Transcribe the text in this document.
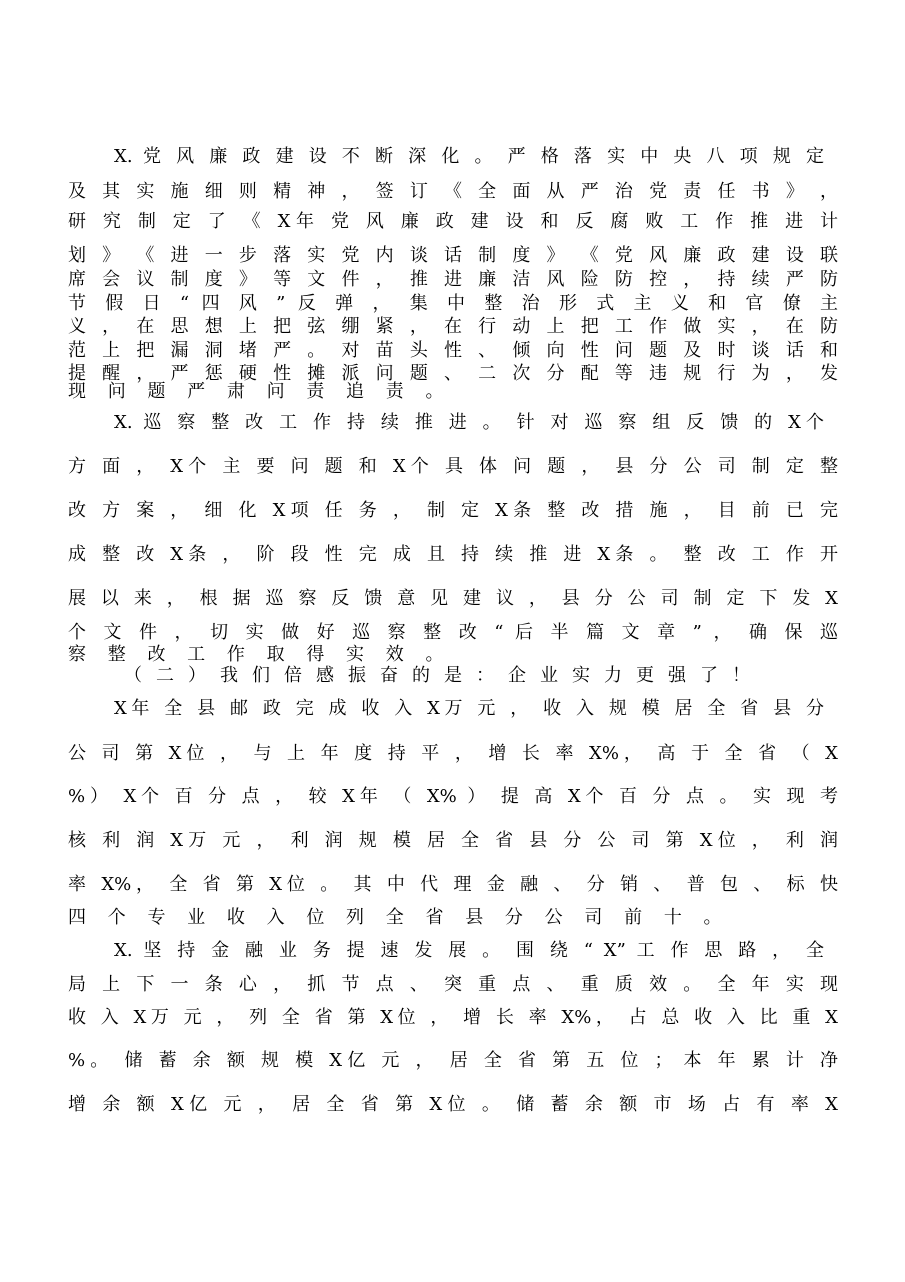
X. 党 风 廉 政 建 设 不 断 深 化 。 严 格 落 实 中 央 八 项 规 定
及 其 实 施 细 则 精 神 ， 签 订 《 全 面 从 严 治 党 责 任 书 》 ，
研 究 制 定 了 《 X年 党 风 廉 政 建 设 和 反 腐 败 工 作 推 进 计
划 》 《 进 一 步 落 实 党 内 谈 话 制 度 》 《 党 风 廉 政 建 设 联
席 会 议 制 度 》 等 文 件 ， 推 进 廉 洁 风 险 防 控 ， 持 续 严 防
节 假 日 “ 四 风 ” 反 弹 ， 集 中 整 治 形 式 主 义 和 官 僚 主
义 ， 在 思 想 上 把 弦 绷 紧 ， 在 行 动 上 把 工 作 做 实 ， 在 防
范 上 把 漏 洞 堵 严 。 对 苗 头 性 、 倾 向 性 问 题 及 时 谈 话 和
提 醒 ， 严 惩 硬 性 摊 派 问 题 、 二 次 分 配 等 违 规 行 为 ， 发
现 问 题 严 肃 问 责 追 责 。
X. 巡 察 整 改 工 作 持 续 推 进 。 针 对 巡 察 组 反 馈 的 X个
方 面 ， X个 主 要 问 题 和 X个 具 体 问 题 ， 县 分 公 司 制 定 整
改 方 案 ， 细 化 X项 任 务 ， 制 定 X条 整 改 措 施 ， 目 前 已 完
成 整 改 X条 ， 阶 段 性 完 成 且 持 续 推 进 X条 。 整 改 工 作 开
展 以 来 ， 根 据 巡 察 反 馈 意 见 建 议 ， 县 分 公 司 制 定 下 发 X
个 文 件 ， 切 实 做 好 巡 察 整 改 “ 后 半 篇 文 章 ” ， 确 保 巡
察 整 改 工 作 取 得 实 效 。
（ 二 ） 我 们 倍 感 振 奋 的 是 ： 企 业 实 力 更 强 了 ！
X年 全 县 邮 政 完 成 收 入 X万 元 ， 收 入 规 模 居 全 省 县 分
公 司 第 X位 ， 与 上 年 度 持 平 ， 增 长 率 X%， 高 于 全 省 （ X
%） X个 百 分 点 ， 较 X年 （ X% ） 提 高 X个 百 分 点 。 实 现 考
核 利 润 X万 元 ， 利 润 规 模 居 全 省 县 分 公 司 第 X位 ， 利 润
率 X%， 全 省 第 X位 。 其 中 代 理 金 融 、 分 销 、 普 包 、 标 快
四 个 专 业 收 入 位 列 全 省 县 分 公 司 前 十 。
X. 坚 持 金 融 业 务 提 速 发 展 。 围 绕 “ X” 工 作 思 路 ， 全
局 上 下 一 条 心 ， 抓 节 点 、 突 重 点 、 重 质 效 。 全 年 实 现
收 入 X万 元 ， 列 全 省 第 X位 ， 增 长 率 X%， 占 总 收 入 比 重 X
%。 储 蓄 余 额 规 模 X亿 元 ， 居 全 省 第 五 位 ； 本 年 累 计 净
增 余 额 X亿 元 ， 居 全 省 第 X位 。 储 蓄 余 额 市 场 占 有 率 X
